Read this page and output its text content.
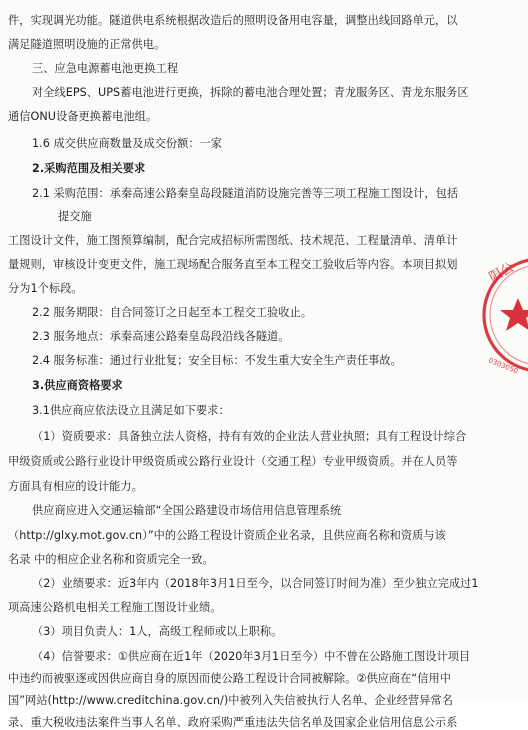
件，实现调光功能。隧道供电系统根据改造后的照明设备用电容量，调整出线回路单元，以
满足隧道照明设施的正常供电。
三、应急电源蓄电池更换工程
对全线EPS、UPS蓄电池进行更换，拆除的蓄电池合理处置；青龙服务区、青龙东服务区
通信ONU设备更换蓄电池组。
1.6 成交供应商数量及成交份额：一家
2.采购范围及相关要求
2.1 采购范围：承秦高速公路秦皇岛段隧道消防设施完善等三项工程施工图设计，包括
提交施
工图设计文件，施工图预算编制，配合完成招标所需图纸、技术规范、工程量清单、清单计
量规则，审核设计变更文件，施工现场配合服务直至本工程交工验收后等内容。本项目拟划
分为1个标段。
2.2 服务期限：自合同签订之日起至本工程交工验收止。
2.3 服务地点：承秦高速公路秦皇岛段沿线各隧道。
2.4 服务标准：通过行业批复；安全目标：不发生重大安全生产责任事故。
3.供应商资格要求
3.1供应商应依法设立且满足如下要求：
（1）资质要求：具备独立法人资格，持有有效的企业法人营业执照；具有工程设计综合
甲级资质或公路行业设计甲级资质或公路行业设计（交通工程）专业甲级资质。并在人员等
方面具有相应的设计能力。
供应商应进入交通运输部“全国公路建设市场信用信息管理系统
（http://glxy.mot.gov.cn）”中的公路工程设计资质企业名录，且供应商名称和资质与该
名录 中的相应企业名称和资质完全一致。
（2）业绩要求：近3年内（2018年3月1日至今，以合同签订时间为准）至少独立完成过1
项高速公路机电相关工程施工图设计业绩。
（3）项目负责人：1人，高级工程师或以上职称。
（4）信誉要求：①供应商在近1年（2020年3月1日至今）中不曾在公路施工图设计项目
中违约而被驱逐或因供应商自身的原因而使公路工程设计合同被解除。②供应商在“信用中
国”网站(http://www.creditchina.gov.cn/)中被列入失信被执行人名单、企业经营异常名
录、重大税收违法案件当事人名单、政府采购严重违法失信名单及国家企业信用信息公示系
限公
0303050
